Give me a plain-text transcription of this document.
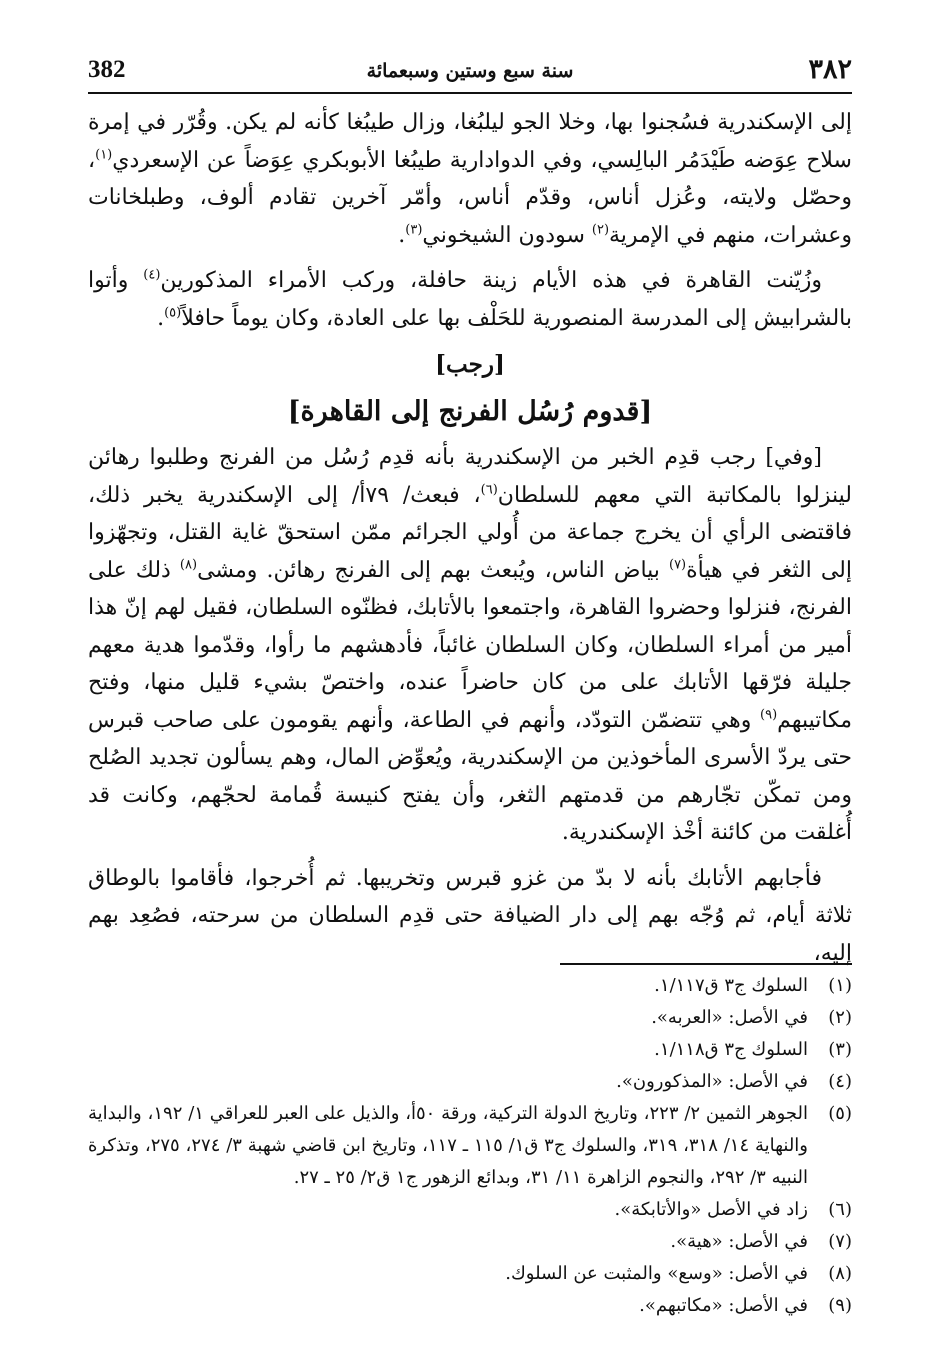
382	سنة سبع وستين وسبعمائة	٣٨٢

إلى الإسكندرية فسُجنوا بها، وخلا الجو ليلبُغا، وزال طيبُغا كأنه لم يكن. وقُرّر في إمرة سلاح عِوَضه طَيْدَمُر البالِسي، وفي الدوادارية طيبُغا الأبوبكري عِوَضاً عن الإسعردي$^{(١)}$، وحصّل ولايته، وعُزل أناس، وقدّم أناس، وأمّر آخرين تقادم ألوف، وطبلخانات وعشرات، منهم في الإمرية$^{(٢)}$ سودون الشيخوني$^{(٣)}$.

وزُيّنت القاهرة في هذه الأيام زينة حافلة، وركب الأمراء المذكورين$^{(٤)}$ وأتوا بالشرابيش إلى المدرسة المنصورية للحَلْف بها على العادة، وكان يوماً حافلاً$^{(٥)}$.

[رجب]

[قدوم رُسُل الفرنج إلى القاهرة]

[وفي] رجب قدِم الخبر من الإسكندرية بأنه قدِم رُسُل من الفرنج وطلبوا رهائن لينزلوا بالمكاتبة التي معهم للسلطان$^{(٦)}$، فبعث/ ٧٩أ/ إلى الإسكندرية يخبر ذلك، فاقتضى الرأي أن يخرج جماعة من أُولي الجرائم ممّن استحقّ غاية القتل، وتجهّزوا إلى الثغر في هيأة$^{(٧)}$ بياض الناس، ويُبعث بهم إلى الفرنج رهائن. ومشى$^{(٨)}$ ذلك على الفرنج، فنزلوا وحضروا القاهرة، واجتمعوا بالأتابك، فظنّوه السلطان، فقيل لهم إنّ هذا أمير من أمراء السلطان، وكان السلطان غائباً، فأدهشهم ما رأوا، وقدّموا هدية معهم جليلة فرّقها الأتابك على من كان حاضراً عنده، واختصّ بشيء قليل منها، وفتح مكاتيبهم$^{(٩)}$ وهي تتضمّن التودّد، وأنهم في الطاعة، وأنهم يقومون على صاحب قبرس حتى يردّ الأسرى المأخوذين من الإسكندرية، ويُعوِّض المال، وهم يسألون تجديد الصُلح ومن تمكّن تجّارهم من قدمتهم الثغر، وأن يفتح كنيسة قُمامة لحجّهم، وكانت قد أُغلقت من كائنة أخْذ الإسكندرية.

فأجابهم الأتابك بأنه لا بدّ من غزو قبرس وتخريبها. ثم أُخرجوا، فأقاموا بالوطاق ثلاثة أيام، ثم وُجّه بهم إلى دار الضيافة حتى قدِم السلطان من سرحته، فصُعِد بهم إليه،

(١)
السلوك ج٣ ق١/١١٧.
(٢)
في الأصل: «العربه».
(٣)
السلوك ج٣ ق١/١١٨.
(٤)
في الأصل: «المذكورون».
(٥)
الجوهر الثمين ٢/ ٢٢٣، وتاريخ الدولة التركية، ورقة ٥٠أ، والذيل على العبر للعراقي ١/ ١٩٢، والبداية والنهاية ١٤/ ٣١٨، ٣١٩، والسلوك ج٣ ق١/ ١١٥ ـ ١١٧، وتاريخ ابن قاضي شهبة ٣/ ٢٧٤، ٢٧٥، وتذكرة النبيه ٣/ ٢٩٢، والنجوم الزاهرة ١١/ ٣١، وبدائع الزهور ج١ ق٢/ ٢٥ ـ ٢٧.
(٦)
زاد في الأصل «والأتابكة».
(٧)
في الأصل: «هية».
(٨)
في الأصل: «وسع» والمثبت عن السلوك.
(٩)
في الأصل: «مكاتبهم».
